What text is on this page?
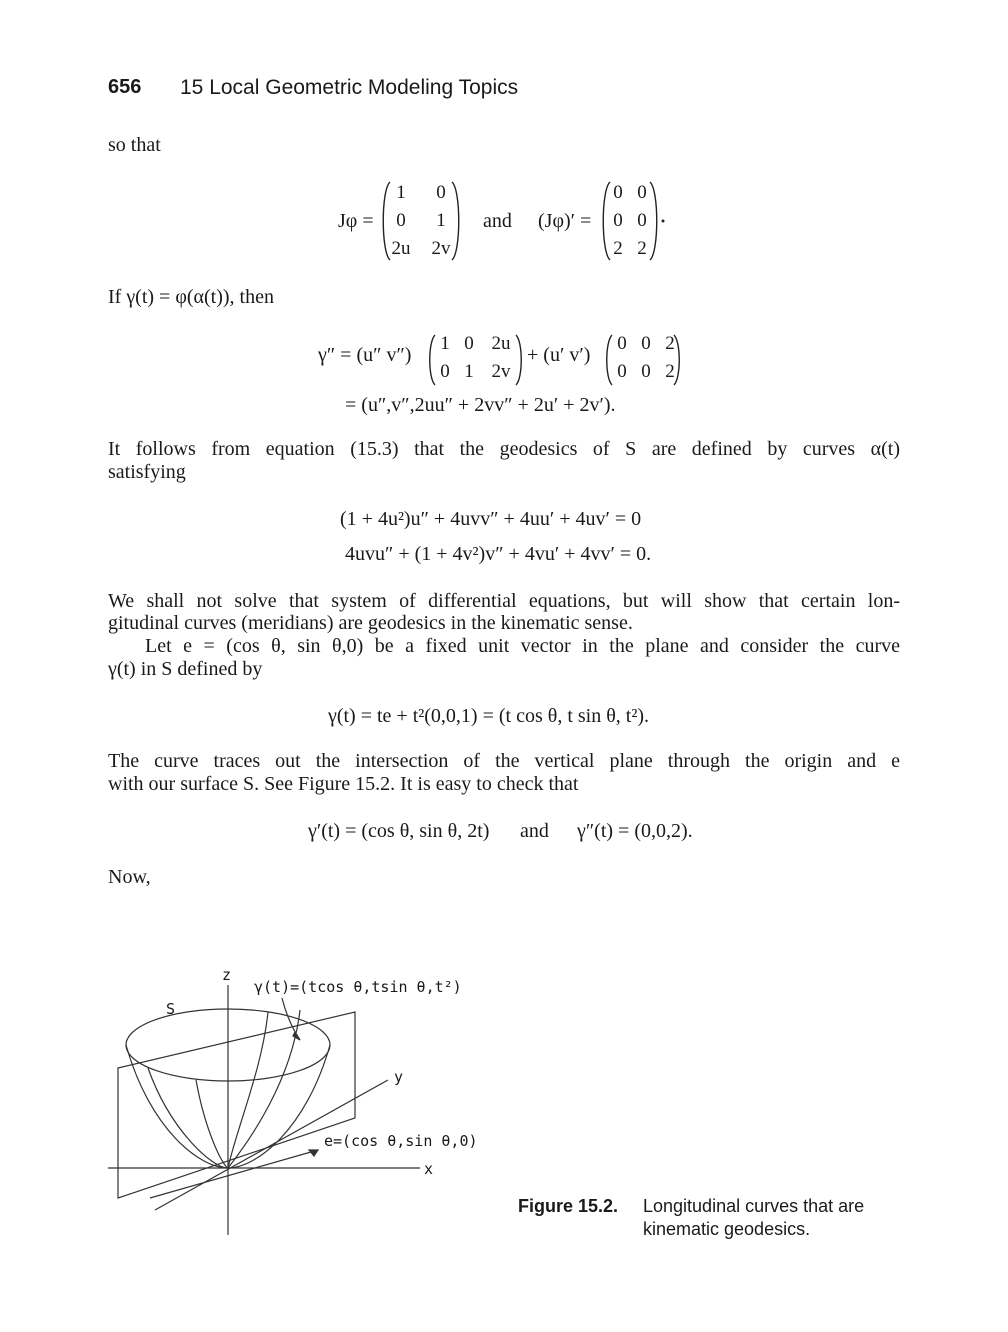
656 15 Local Geometric Modeling Topics
so that
Jφ =
1	0
0	1
2u 2v
and (Jφ)′ =
0 0
0 0
2 2
If γ(t) = φ(α(t)), then
γ″ = (u″ v″)
1 0 2u
0 1 2v
+ (u′ v′)
0 0 2
0 0 2
= (u″,v″,2uu″ + 2vv″ + 2u′ + 2v′).
It follows from equation (15.3) that the geodesics of S are defined by curves α(t)
satisfying
(1 + 4u²)u″ + 4uvv″ + 4uu′ + 4uv′ = 0
4uvu″ + (1 + 4v²)v″ + 4vu′ + 4vv′ = 0.
We shall not solve that system of differential equations, but will show that certain lon-
gitudinal curves (meridians) are geodesics in the kinematic sense.
Let e = (cos θ, sin θ,0) be a fixed unit vector in the plane and consider the curve
γ(t) in S defined by
γ(t) = te + t²(0,0,1) = (t cos θ, t sin θ, t²).
The curve traces out the intersection of the vertical plane through the origin and e
with our surface S. See Figure 15.2. It is easy to check that
γ′(t) = (cos θ, sin θ, 2t) and γ″(t) = (0,0,2).
Now,
z
S
γ(t)=(tcos θ,tsin θ,t²)
y
e=(cos θ,sin θ,0)
x
Figure 15.2. Longitudinal curves that are
kinematic geodesics.
